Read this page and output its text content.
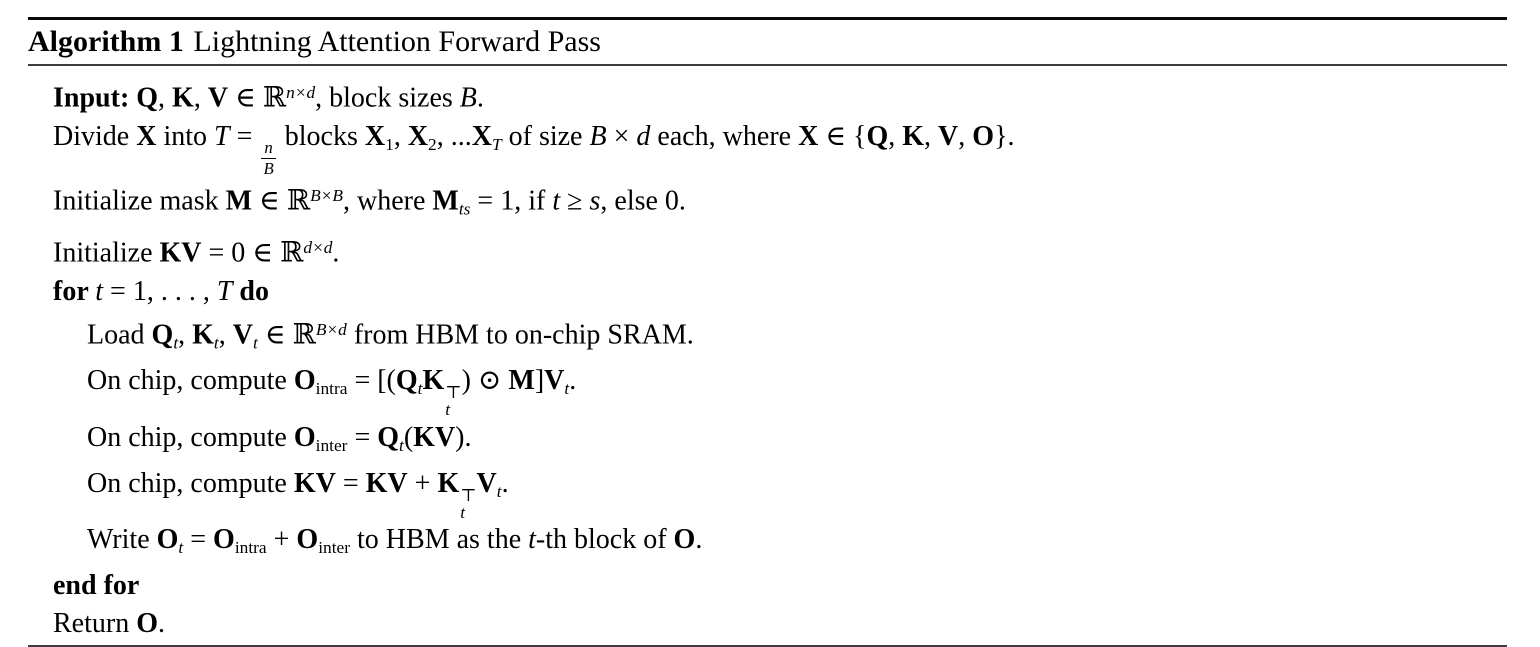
Algorithm 1 Lightning Attention Forward Pass
Input: Q, K, V ∈ ℝ$^{n\times d}$, block sizes B.
Divide X into T =
$\frac{n}{B}$
blocks $X_1$, $X_2$, $...X_T$ of size B × d each, where X ∈ {Q, K, V, O}.
Initialize mask M ∈ ℝ$^{B\times B}$, where $M_{ts} = 1$, if t ≥ s, else 0.
Initialize KV = 0 ∈ ℝ$^{d\times d}$.
for t = 1, . . . , T do
Load $Q_t$, $K_t$, $V_t$ ∈ ℝ$^{B\times d}$ from HBM to on-chip SRAM.
On chip, compute $O_{intra} = [(Q_tK$ ⊤
t
) ⊙ $M]V_t$.
On chip, compute $O_{inter} = Q_t(KV)$.
On chip, compute KV = KV + K ⊤
t
$V_t$.
Write $O_t = O_{intra} + O_{inter}$ to HBM as the t-th block of O.
end for
Return O.
